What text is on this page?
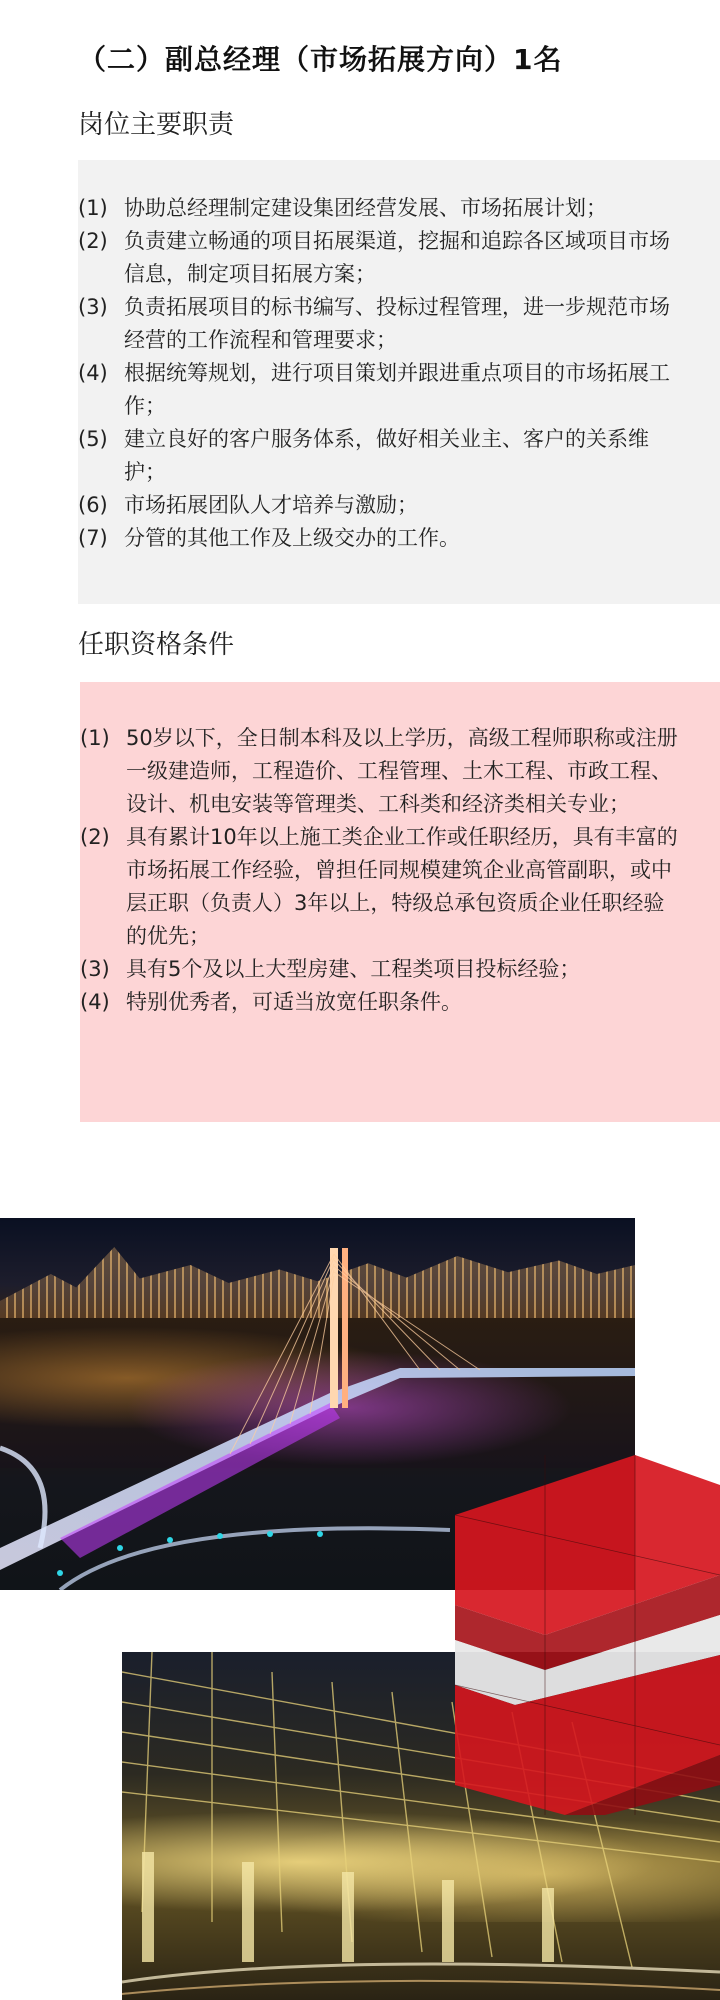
（二）副总经理（市场拓展方向）1名
岗位主要职责
(1) 协助总经理制定建设集团经营发展、市场拓展计划；
(2) 负责建立畅通的项目拓展渠道，挖掘和追踪各区域项目市场信息，制定项目拓展方案；
(3) 负责拓展项目的标书编写、投标过程管理，进一步规范市场经营的工作流程和管理要求；
(4) 根据统筹规划，进行项目策划并跟进重点项目的市场拓展工作；
(5) 建立良好的客户服务体系，做好相关业主、客户的关系维护；
(6) 市场拓展团队人才培养与激励；
(7) 分管的其他工作及上级交办的工作。
任职资格条件
(1) 50岁以下，全日制本科及以上学历，高级工程师职称或注册一级建造师，工程造价、工程管理、土木工程、市政工程、设计、机电安装等管理类、工科类和经济类相关专业；
(2) 具有累计10年以上施工类企业工作或任职经历，具有丰富的市场拓展工作经验，曾担任同规模建筑企业高管副职，或中层正职（负责人）3年以上，特级总承包资质企业任职经验的优先；
(3) 具有5个及以上大型房建、工程类项目投标经验；
(4) 特别优秀者，可适当放宽任职条件。
